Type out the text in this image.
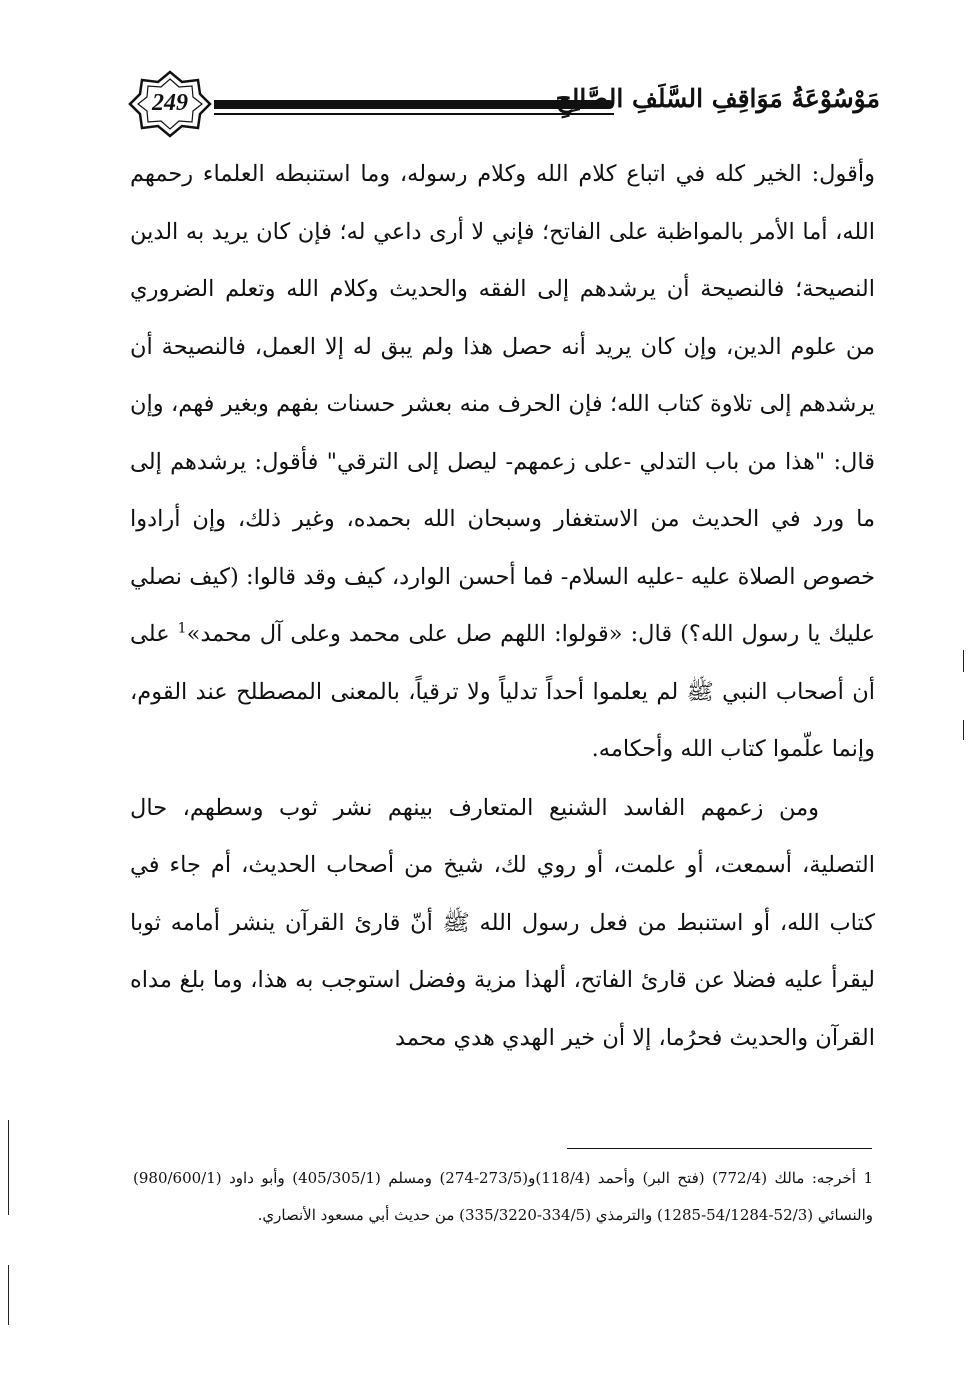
249	مَوْسُوْعَةُ مَوَاقِفِ السَّلَفِ الصَّالِحِ

وأقول: الخير كله في اتباع كلام الله وكلام رسوله، وما استنبطه العلماء رحمهم الله، أما الأمر بالمواظبة على الفاتح؛ فإني لا أرى داعي له؛ فإن كان يريد به الدين النصيحة؛ فالنصيحة أن يرشدهم إلى الفقه والحديث وكلام الله وتعلم الضروري من علوم الدين، وإن كان يريد أنه حصل هذا ولم يبق له إلا العمل، فالنصيحة أن يرشدهم إلى تلاوة كتاب الله؛ فإن الحرف منه بعشر حسنات بفهم وبغير فهم، وإن قال: "هذا من باب التدلي -على زعمهم- ليصل إلى الترقي" فأقول: يرشدهم إلى ما ورد في الحديث من الاستغفار وسبحان الله بحمده، وغير ذلك، وإن أرادوا خصوص الصلاة عليه -عليه السلام- فما أحسن الوارد، كيف وقد قالوا: (كيف نصلي عليك يا رسول الله؟) قال: «قولوا: اللهم صل على محمد وعلى آل محمد»$^1$ على أن أصحاب النبي ﷺ لم يعلموا أحداً تدلياً ولا ترقياً، بالمعنى المصطلح عند القوم، وإنما علّموا كتاب الله وأحكامه.

ومن زعمهم الفاسد الشنيع المتعارف بينهم نشر ثوب وسطهم، حال التصلية، أسمعت، أو علمت، أو روي لك، شيخ من أصحاب الحديث، أم جاء في كتاب الله، أو استنبط من فعل رسول الله ﷺ أنّ قارئ القرآن ينشر أمامه ثوبا ليقرأ عليه فضلا عن قارئ الفاتح، ألهذا مزية وفضل استوجب به هذا، وما بلغ مداه القرآن والحديث فحرُما، إلا أن خير الهدي هدي محمد

1 أخرجه: مالك (772/4) (فتح البر) وأحمد (118/4)و(273/5-274) ومسلم (405/305/1) وأبو داود (980/600/1) والنسائي (52/3-54/1284-1285) والترمذي (334/5-335/3220) من حديث أبي مسعود الأنصاري.
